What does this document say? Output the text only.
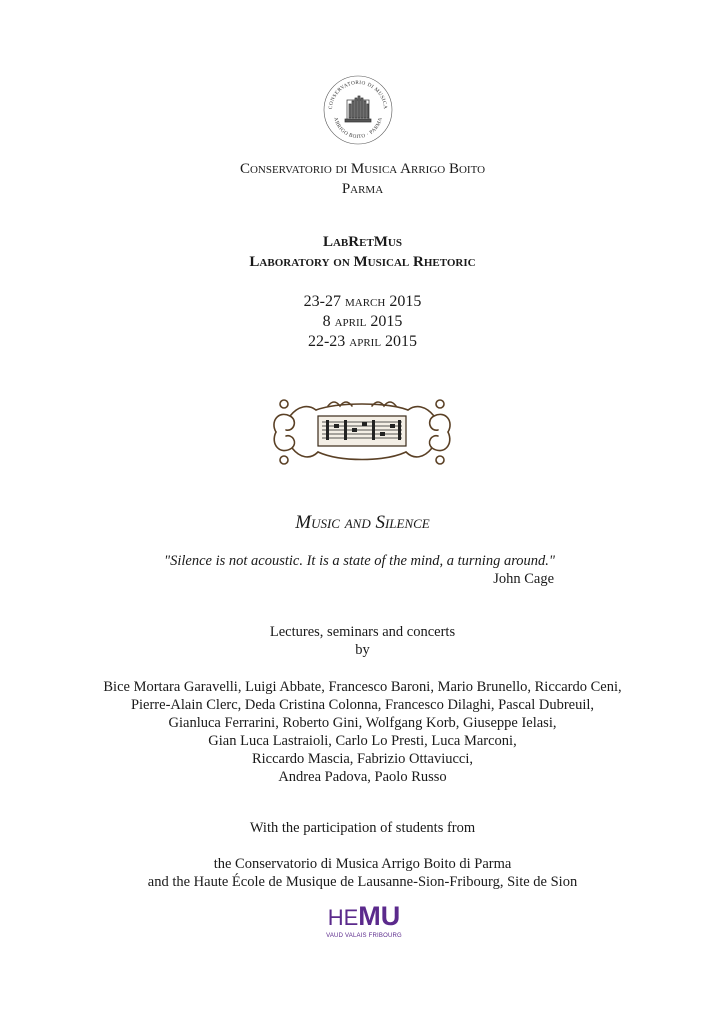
CONSERVATORIO DI MUSICA
ARRIGO BOITO · PARMA
Conservatorio di Musica Arrigo Boito
Parma
LabRetMus
Laboratory on Musical Rhetoric
23-27 march 2015
8 april 2015
22-23 april 2015
Music and Silence
"Silence is not acoustic. It is a state of the mind, a turning around."
John Cage
Lectures, seminars and concerts
by
Bice Mortara Garavelli, Luigi Abbate, Francesco Baroni, Mario Brunello, Riccardo Ceni,
Pierre-Alain Clerc, Deda Cristina Colonna, Francesco Dilaghi, Pascal Dubreuil,
Gianluca Ferrarini, Roberto Gini, Wolfgang Korb, Giuseppe Ielasi,
Gian Luca Lastraioli, Carlo Lo Presti, Luca Marconi,
Riccardo Mascia, Fabrizio Ottaviucci,
Andrea Padova, Paolo Russo
With the participation of students from
the Conservatorio di Musica Arrigo Boito di Parma
and the Haute École de Musique de Lausanne-Sion-Fribourg, Site de Sion
HEMU
VAUD VALAIS FRIBOURG
